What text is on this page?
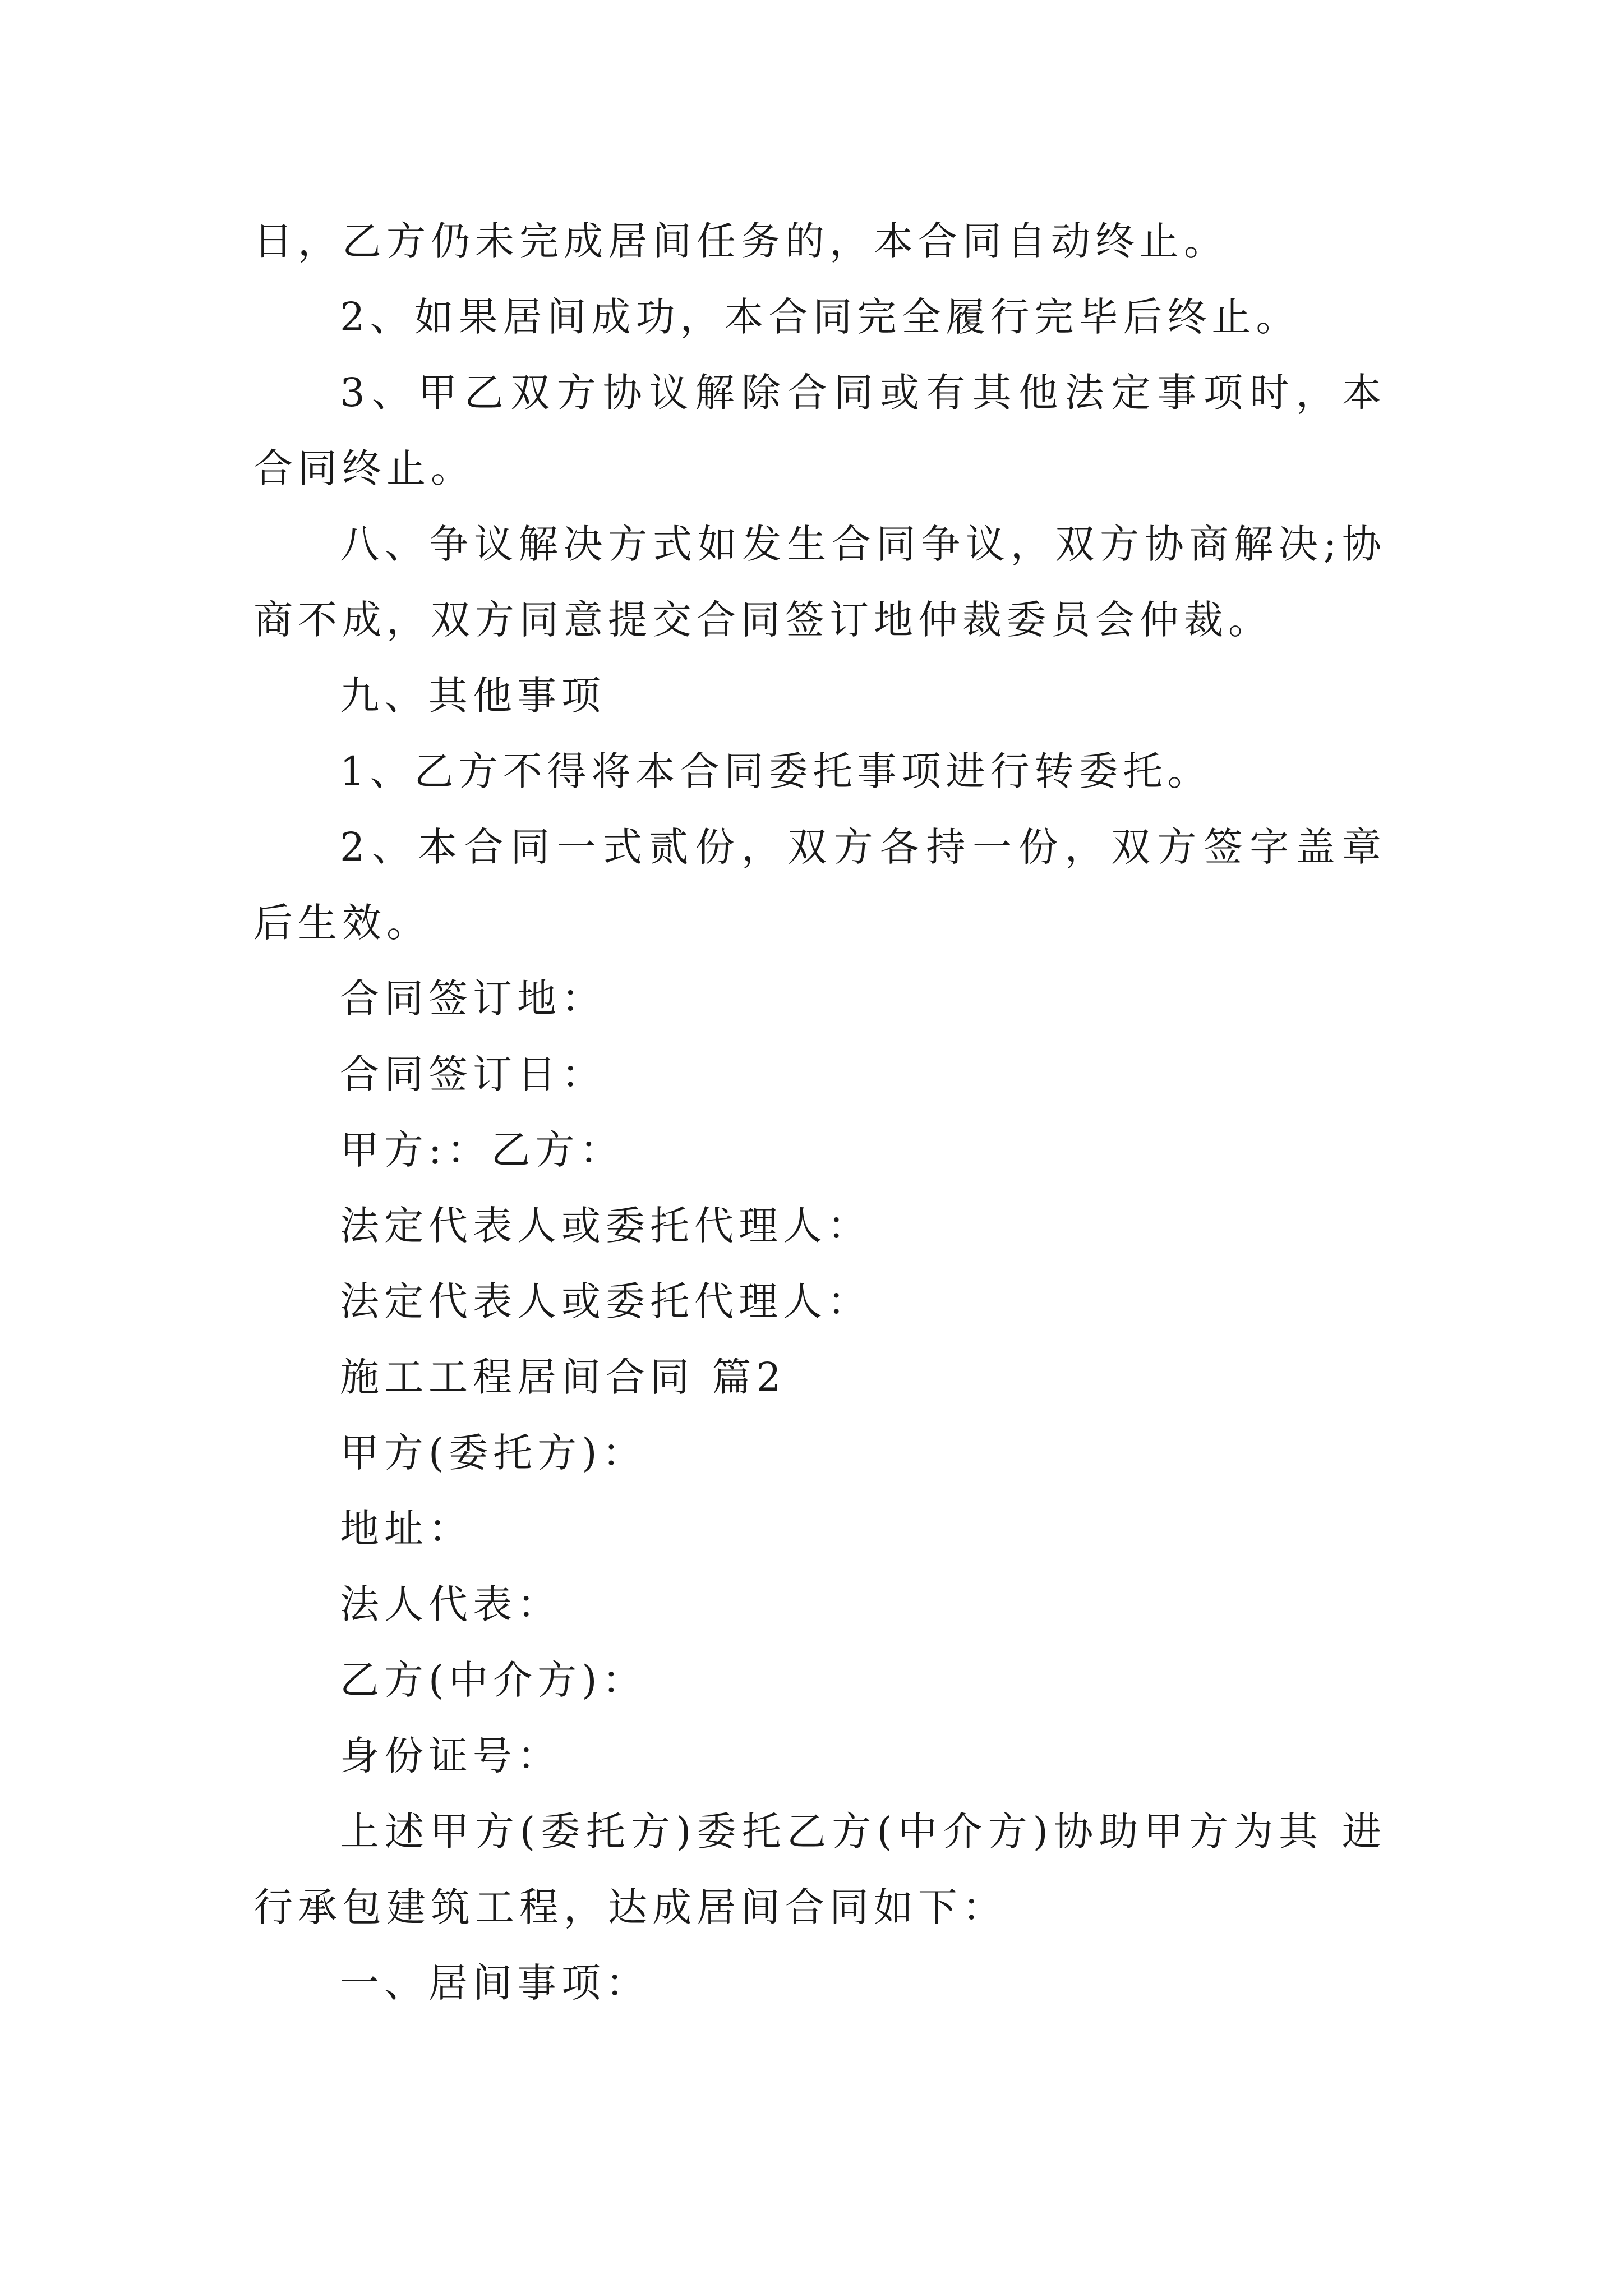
日，乙方仍未完成居间任务的，本合同自动终止。

2、如果居间成功，本合同完全履行完毕后终止。

3、甲乙双方协议解除合同或有其他法定事项时，本合同终止。

八、争议解决方式如发生合同争议，双方协商解决;协商不成，双方同意提交合同签订地仲裁委员会仲裁。

九、其他事项

1、乙方不得将本合同委托事项进行转委托。

2、本合同一式贰份，双方各持一份，双方签字盖章后生效。

合同签订地：

合同签订日：

甲方:：乙方：

法定代表人或委托代理人：

法定代表人或委托代理人：

施工工程居间合同 篇2

甲方(委托方)：

地址：

法人代表：

乙方(中介方)：

身份证号：

上述甲方(委托方)委托乙方(中介方)协助甲方为其 进行承包建筑工程，达成居间合同如下：

一、居间事项：
